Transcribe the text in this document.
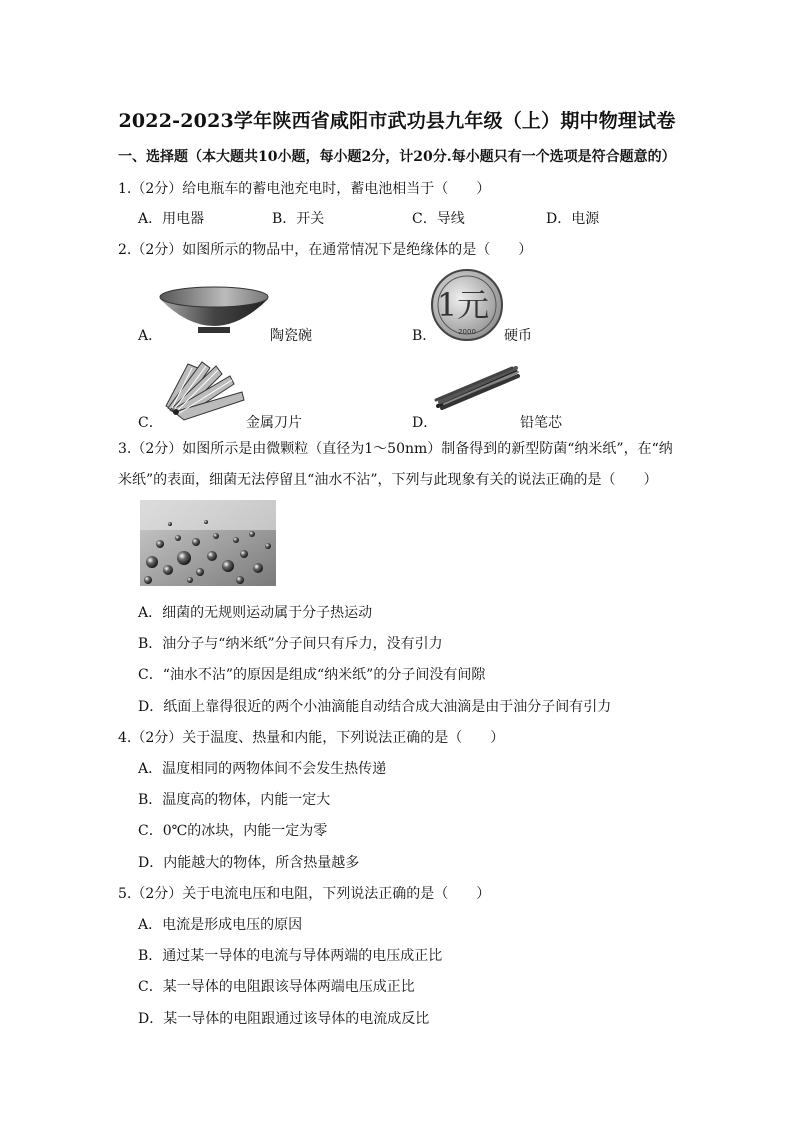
2022-2023学年陕西省咸阳市武功县九年级（上）期中物理试卷
一、选择题（本大题共10小题，每小题2分，计20分.每小题只有一个选项是符合题意的）
1.（2分）给电瓶车的蓄电池充电时，蓄电池相当于（　　）
A．用电器	B．开关	C．导线	D．电源
2.（2分）如图所示的物品中，在通常情况下是绝缘体的是（　　）
A．	陶瓷碗	B．
1元
2000 硬币
C．	金属刀片	D．	铅笔芯
3.（2分）如图所示是由微颗粒（直径为1～50nm）制备得到的新型防菌“纳米纸”，在“纳
米纸”的表面，细菌无法停留且“油水不沾”，下列与此现象有关的说法正确的是（　　）
A．细菌的无规则运动属于分子热运动
B．油分子与“纳米纸”分子间只有斥力，没有引力
C．“油水不沾”的原因是组成“纳米纸”的分子间没有间隙
D．纸面上靠得很近的两个小油滴能自动结合成大油滴是由于油分子间有引力
4.（2分）关于温度、热量和内能，下列说法正确的是（　　）
A．温度相同的两物体间不会发生热传递
B．温度高的物体，内能一定大
C．0℃的冰块，内能一定为零
D．内能越大的物体，所含热量越多
5.（2分）关于电流电压和电阻，下列说法正确的是（　　）
A．电流是形成电压的原因
B．通过某一导体的电流与导体两端的电压成正比
C．某一导体的电阻跟该导体两端电压成正比
D．某一导体的电阻跟通过该导体的电流成反比
